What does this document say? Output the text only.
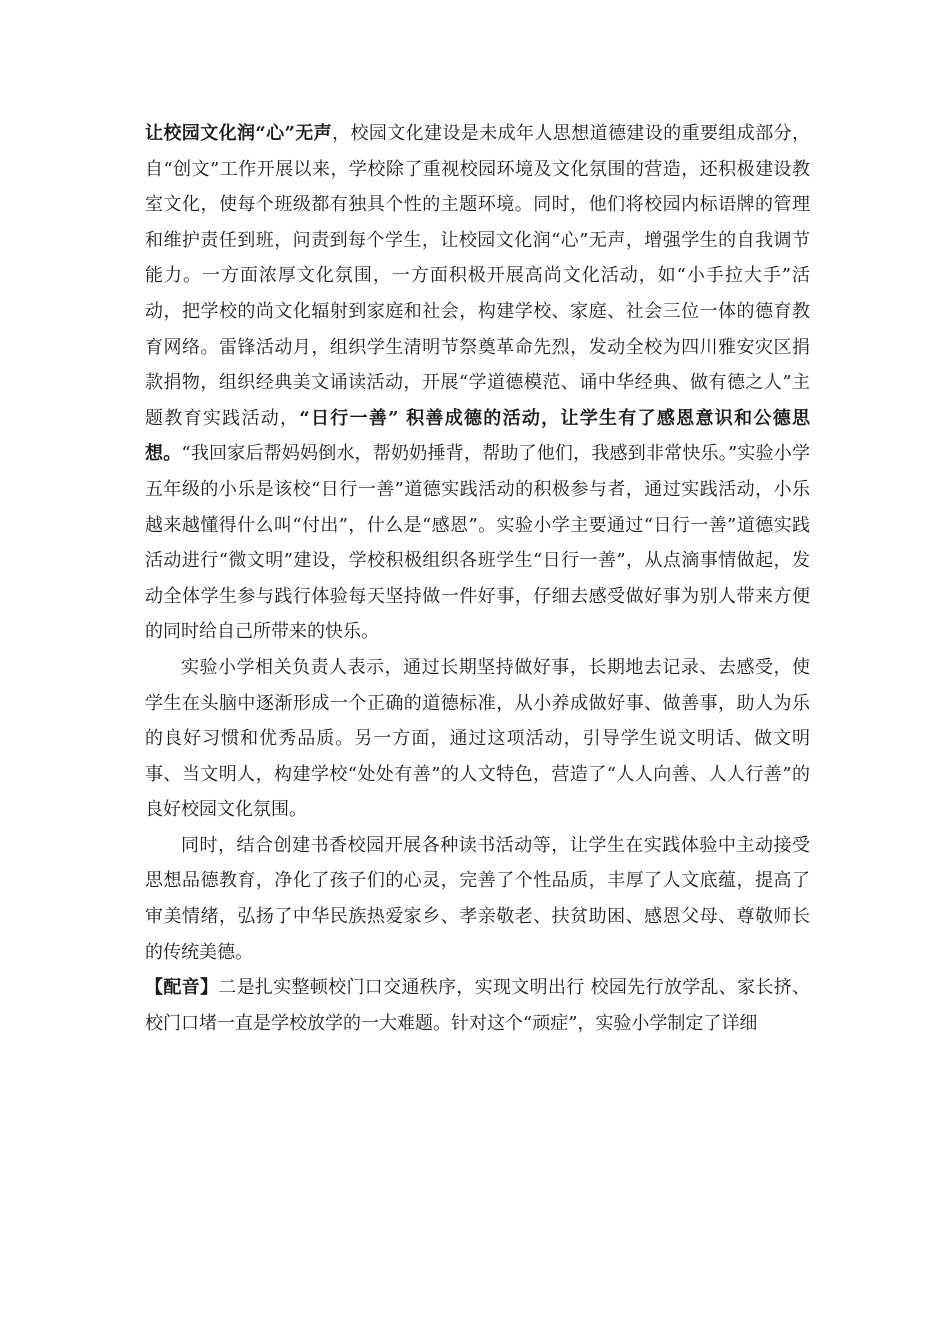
让校园文化润“心”无声，校园文化建设是未成年人思想道德建设的重要组成部分，自“创文”工作开展以来，学校除了重视校园环境及文化氛围的营造，还积极建设教室文化，使每个班级都有独具个性的主题环境。同时，他们将校园内标语牌的管理和维护责任到班，问责到每个学生，让校园文化润“心”无声，增强学生的自我调节能力。一方面浓厚文化氛围，一方面积极开展高尚文化活动，如“小手拉大手”活动，把学校的尚文化辐射到家庭和社会，构建学校、家庭、社会三位一体的德育教育网络。雷锋活动月，组织学生清明节祭奠革命先烈，发动全校为四川雅安灾区捐款捐物，组织经典美文诵读活动，开展“学道德模范、诵中华经典、做有德之人”主题教育实践活动，“日行一善” 积善成德的活动，让学生有了感恩意识和公德思想。“我回家后帮妈妈倒水，帮奶奶捶背，帮助了他们，我感到非常快乐。”实验小学五年级的小乐是该校“日行一善”道德实践活动的积极参与者，通过实践活动，小乐越来越懂得什么叫“付出”，什么是“感恩”。实验小学主要通过“日行一善”道德实践活动进行“微文明”建设，学校积极组织各班学生“日行一善”，从点滴事情做起，发动全体学生参与践行体验每天坚持做一件好事，仔细去感受做好事为别人带来方便的同时给自己所带来的快乐。

实验小学相关负责人表示，通过长期坚持做好事，长期地去记录、去感受，使学生在头脑中逐渐形成一个正确的道德标准，从小养成做好事、做善事，助人为乐的良好习惯和优秀品质。另一方面，通过这项活动，引导学生说文明话、做文明事、当文明人，构建学校“处处有善”的人文特色，营造了“人人向善、人人行善”的良好校园文化氛围。

同时，结合创建书香校园开展各种读书活动等，让学生在实践体验中主动接受思想品德教育，净化了孩子们的心灵，完善了个性品质，丰厚了人文底蕴，提高了审美情绪，弘扬了中华民族热爱家乡、孝亲敬老、扶贫助困、感恩父母、尊敬师长的传统美德。

【配音】二是扎实整顿校门口交通秩序，实现文明出行 校园先行放学乱、家长挤、校门口堵一直是学校放学的一大难题。针对这个“顽症”，实验小学制定了详细
